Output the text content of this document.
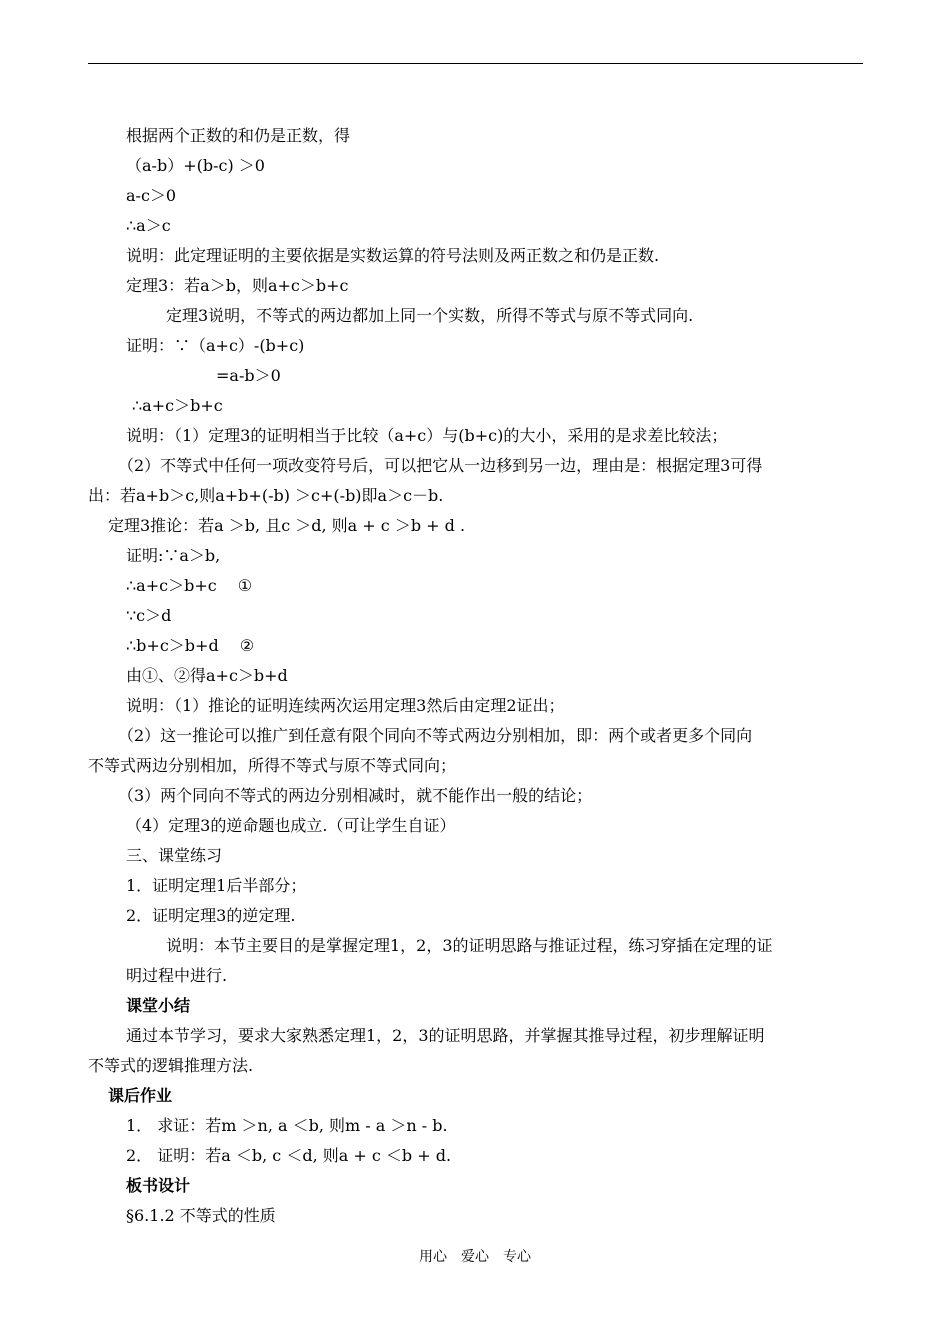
根据两个正数的和仍是正数，得
（a-b）+(b-c) ＞0
a-c＞0
∴a＞c
说明：此定理证明的主要依据是实数运算的符号法则及两正数之和仍是正数.
定理3：若a＞b，则a+c＞b+c
定理3说明，不等式的两边都加上同一个实数，所得不等式与原不等式同向.
证明：∵（a+c）-(b+c)
=a-b＞0
∴a+c＞b+c
说明：（1）定理3的证明相当于比较（a+c）与(b+c)的大小，采用的是求差比较法；
（2）不等式中任何一项改变符号后，可以把它从一边移到另一边，理由是：根据定理3可得
出：若a+b＞c,则a+b+(-b) ＞c+(-b)即a＞c－b.
定理3推论：若a ＞b, 且c ＞d, 则a + c ＞b + d .
证明:∵a＞b,
∴a+c＞b+c　 ①
∵c＞d
∴b+c＞b+d　 ②
由①、②得a+c＞b+d
说明：（1）推论的证明连续两次运用定理3然后由定理2证出；
（2）这一推论可以推广到任意有限个同向不等式两边分别相加，即：两个或者更多个同向
不等式两边分别相加，所得不等式与原不等式同向；
（3）两个同向不等式的两边分别相减时，就不能作出一般的结论；
（4）定理3的逆命题也成立.（可让学生自证）
三、课堂练习
1．证明定理1后半部分；
2．证明定理3的逆定理.
说明：本节主要目的是掌握定理1，2，3的证明思路与推证过程，练习穿插在定理的证
明过程中进行.
课堂小结
通过本节学习，要求大家熟悉定理1，2，3的证明思路，并掌握其推导过程，初步理解证明
不等式的逻辑推理方法.
课后作业
1． 求证：若m ＞n, a ＜b, 则m - a ＞n - b.
2． 证明：若a ＜b, c ＜d, 则a + c ＜b + d.
板书设计
§6.1.2 不等式的性质
用心　爱心　专心
